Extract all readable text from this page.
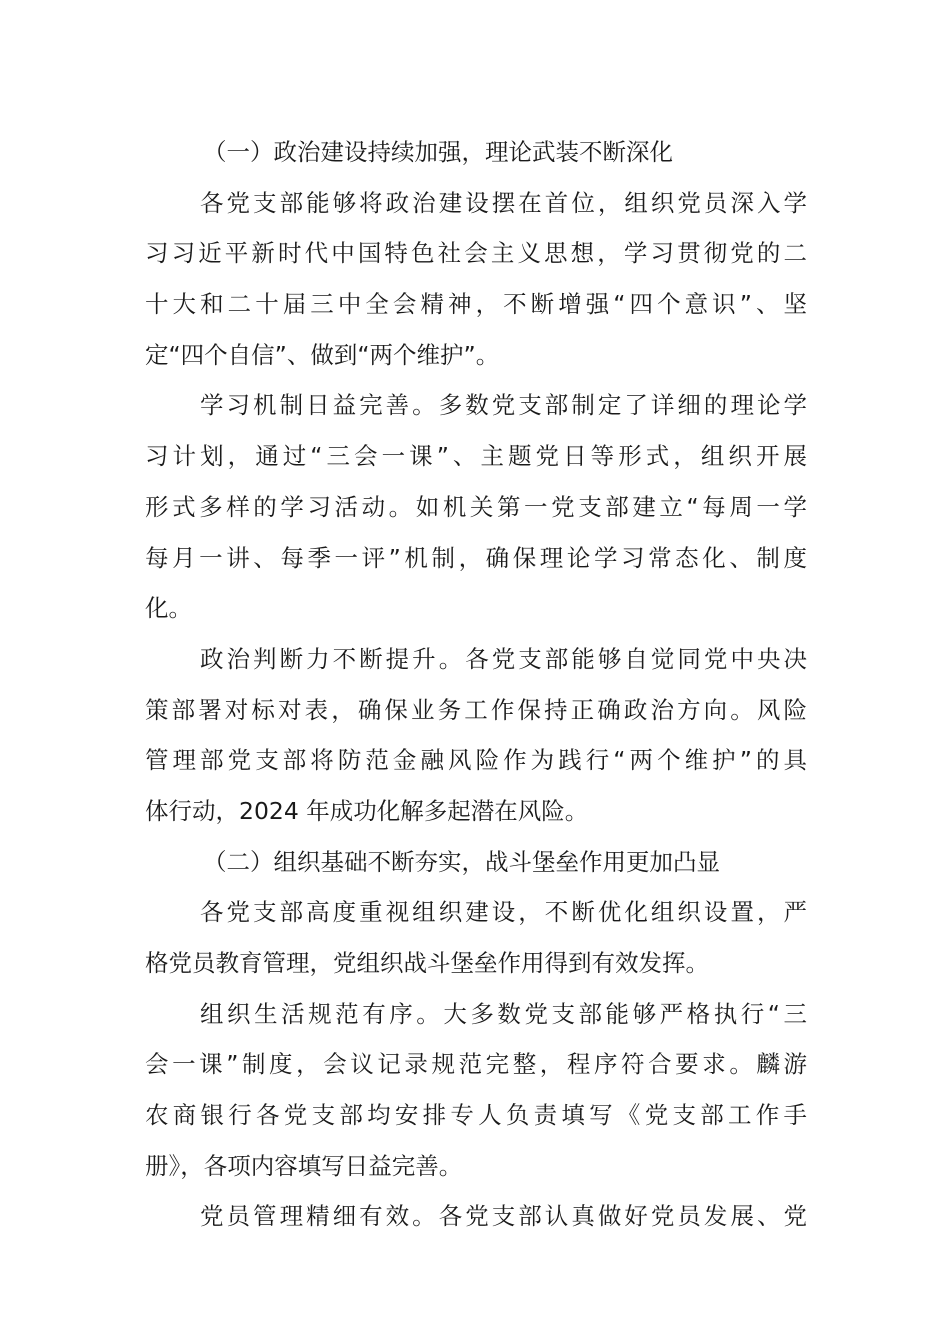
（一）政治建设持续加强，理论武装不断深化
各党支部能够将政治建设摆在首位，组织党员深入学
习习近平新时代中国特色社会主义思想，学习贯彻党的二
十大和二十届三中全会精神，不断增强“四个意识”、坚
定“四个自信”、做到“两个维护”。
学习机制日益完善。多数党支部制定了详细的理论学
习计划，通过“三会一课”、主题党日等形式，组织开展
形式多样的学习活动。如机关第一党支部建立“每周一学
每月一讲、每季一评”机制，确保理论学习常态化、制度
化。
政治判断力不断提升。各党支部能够自觉同党中央决
策部署对标对表，确保业务工作保持正确政治方向。风险
管理部党支部将防范金融风险作为践行“两个维护”的具
体行动，2024 年成功化解多起潜在风险。
（二）组织基础不断夯实，战斗堡垒作用更加凸显
各党支部高度重视组织建设，不断优化组织设置，严
格党员教育管理，党组织战斗堡垒作用得到有效发挥。
组织生活规范有序。大多数党支部能够严格执行“三
会一课”制度，会议记录规范完整，程序符合要求。麟游
农商银行各党支部均安排专人负责填写《党支部工作手
册》，各项内容填写日益完善。
党员管理精细有效。各党支部认真做好党员发展、党
